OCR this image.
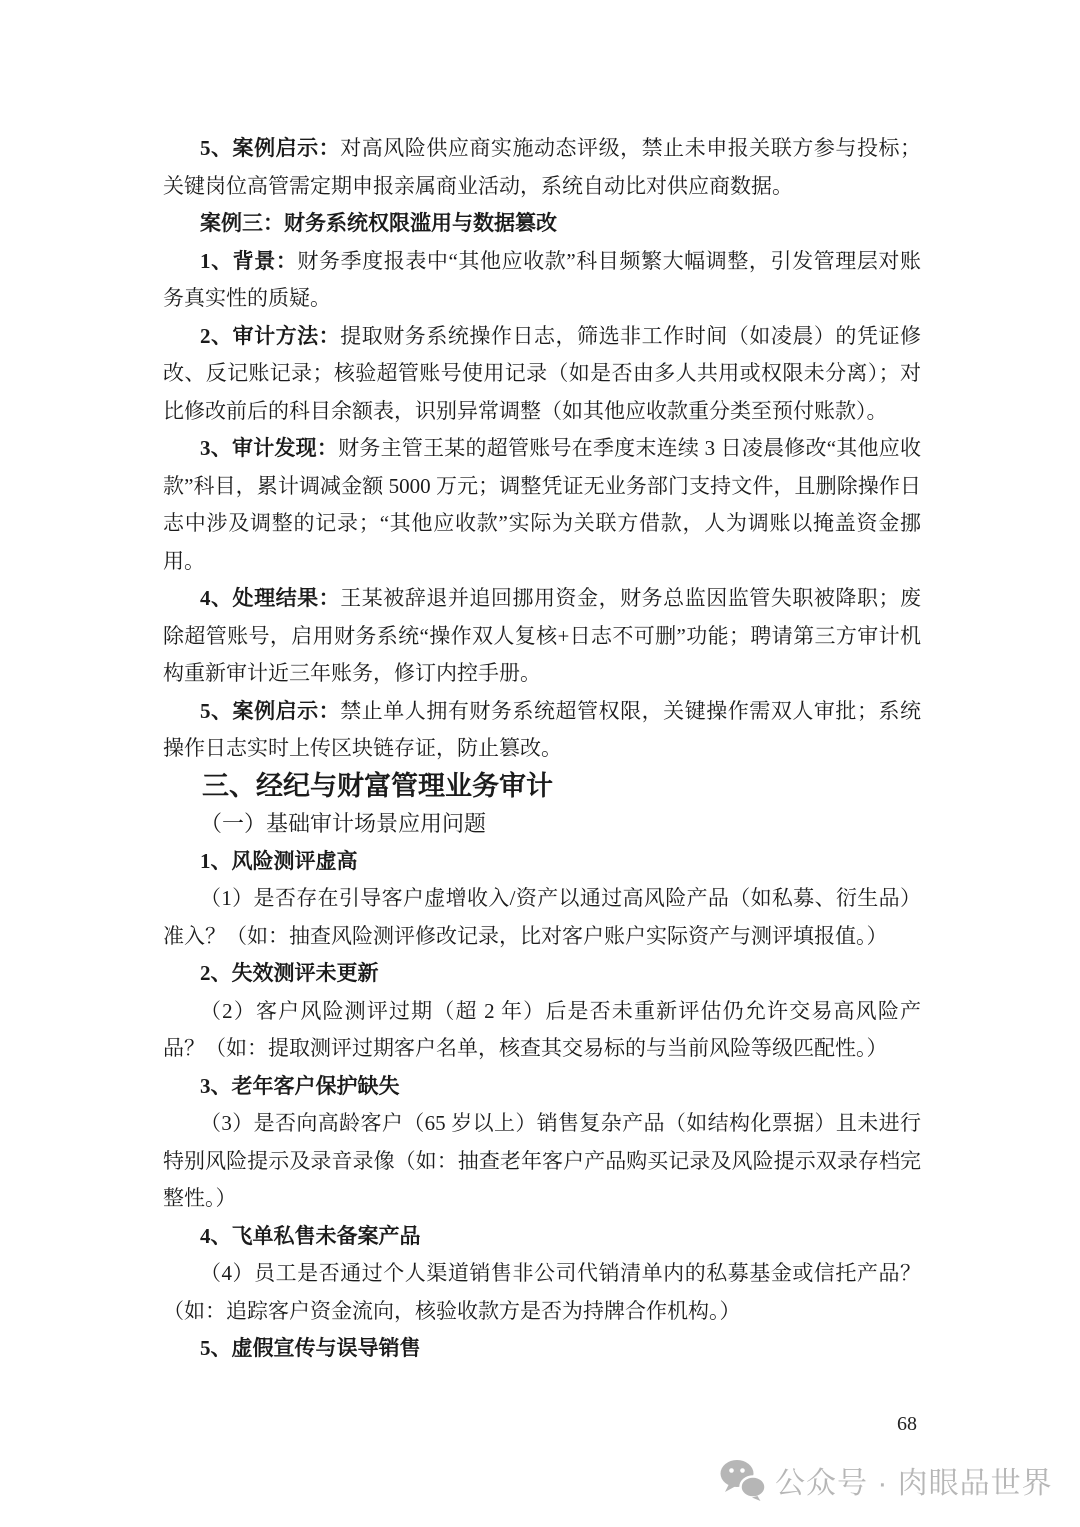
5、案例启示：对高风险供应商实施动态评级，禁止未申报关联方参与投标；关键岗位高管需定期申报亲属商业活动，系统自动比对供应商数据。

案例三：财务系统权限滥用与数据篡改

1、背景：财务季度报表中“其他应收款”科目频繁大幅调整，引发管理层对账务真实性的质疑。

2、审计方法：提取财务系统操作日志，筛选非工作时间（如凌晨）的凭证修改、反记账记录；核验超管账号使用记录（如是否由多人共用或权限未分离）；对比修改前后的科目余额表，识别异常调整（如其他应收款重分类至预付账款）。

3、审计发现：财务主管王某的超管账号在季度末连续 3 日凌晨修改“其他应收款”科目，累计调减金额 5000 万元；调整凭证无业务部门支持文件，且删除操作日志中涉及调整的记录；“其他应收款”实际为关联方借款，人为调账以掩盖资金挪用。

4、处理结果：王某被辞退并追回挪用资金，财务总监因监管失职被降职；废除超管账号，启用财务系统“操作双人复核+日志不可删”功能；聘请第三方审计机构重新审计近三年账务，修订内控手册。

5、案例启示：禁止单人拥有财务系统超管权限，关键操作需双人审批；系统操作日志实时上传区块链存证，防止篡改。

三、经纪与财富管理业务审计
（一）基础审计场景应用问题

1、风险测评虚高

（1）是否存在引导客户虚增收入/资产以通过高风险产品（如私募、衍生品）准入？（如：抽查风险测评修改记录，比对客户账户实际资产与测评填报值。）

2、失效测评未更新

（2）客户风险测评过期（超 2 年）后是否未重新评估仍允许交易高风险产品？（如：提取测评过期客户名单，核查其交易标的与当前风险等级匹配性。）

3、老年客户保护缺失

（3）是否向高龄客户（65 岁以上）销售复杂产品（如结构化票据）且未进行特别风险提示及录音录像（如：抽查老年客户产品购买记录及风险提示双录存档完整性。）

4、飞单私售未备案产品

（4）员工是否通过个人渠道销售非公司代销清单内的私募基金或信托产品？（如：追踪客户资金流向，核验收款方是否为持牌合作机构。）

5、虚假宣传与误导销售

68
公众号 · 肉眼品世界
